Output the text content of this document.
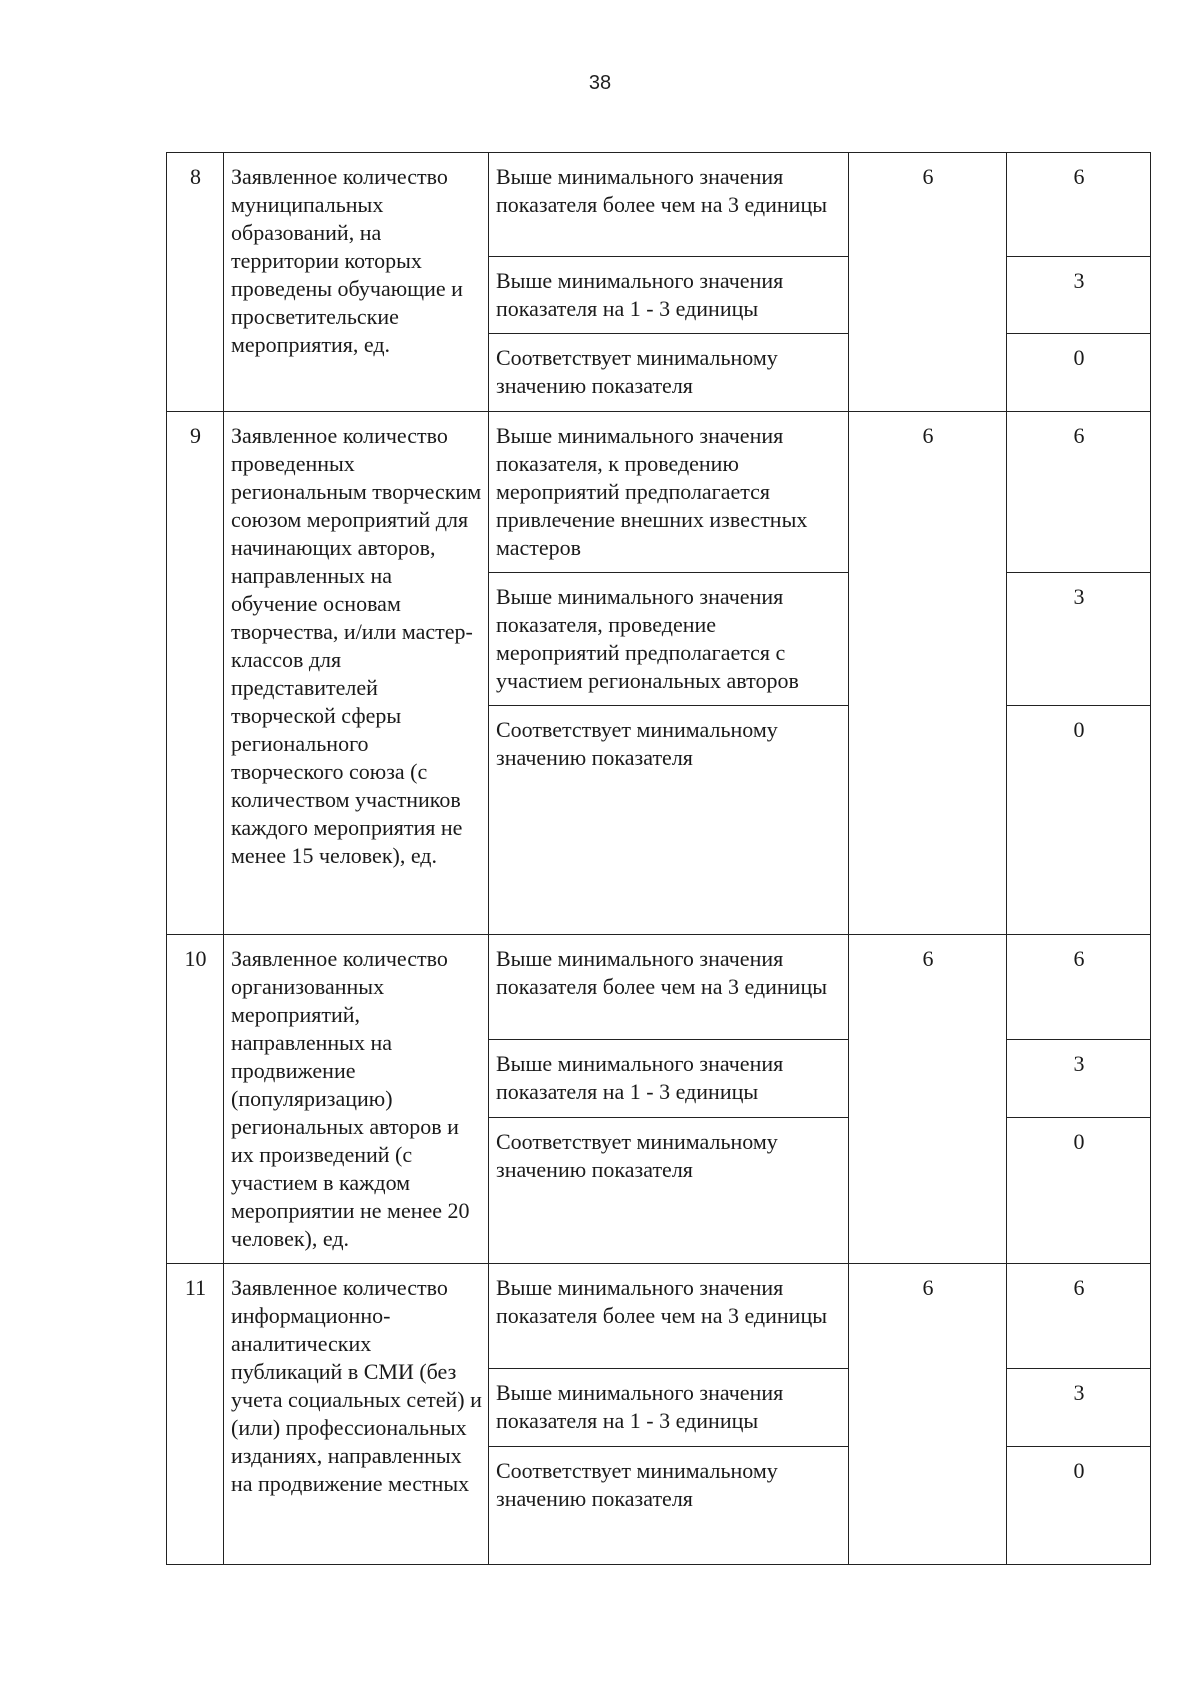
38
8	Заявленное количество муниципальных образований, на территории которых проведены обучающие и просветительские мероприятия, ед.	Выше минимального значения показателя более чем на 3 единицы	6	6
		Выше минимального значения показателя на 1 - 3 единицы		3
		Соответствует минимальному значению показателя		0
9	Заявленное количество проведенных региональным творческим союзом мероприятий для начинающих авторов, направленных на обучение основам творчества, и/или мастер-классов для представителей творческой сферы регионального творческого союза (с количеством участников каждого мероприятия не менее 15 человек), ед.	Выше минимального значения показателя, к проведению мероприятий предполагается привлечение внешних известных мастеров	6	6
		Выше минимального значения показателя, проведение мероприятий предполагается с участием региональных авторов		3
		Соответствует минимальному значению показателя		0
10	Заявленное количество организованных мероприятий, направленных на продвижение (популяризацию) региональных авторов и их произведений (с участием в каждом мероприятии не менее 20 человек), ед.	Выше минимального значения показателя более чем на 3 единицы	6	6
		Выше минимального значения показателя на 1 - 3 единицы		3
		Соответствует минимальному значению показателя		0
11	Заявленное количество информационно-аналитических публикаций в СМИ (без учета социальных сетей) и (или) профессиональных изданиях, направленных на продвижение местных	Выше минимального значения показателя более чем на 3 единицы	6	6
		Выше минимального значения показателя на 1 - 3 единицы		3
		Соответствует минимальному значению показателя		0
